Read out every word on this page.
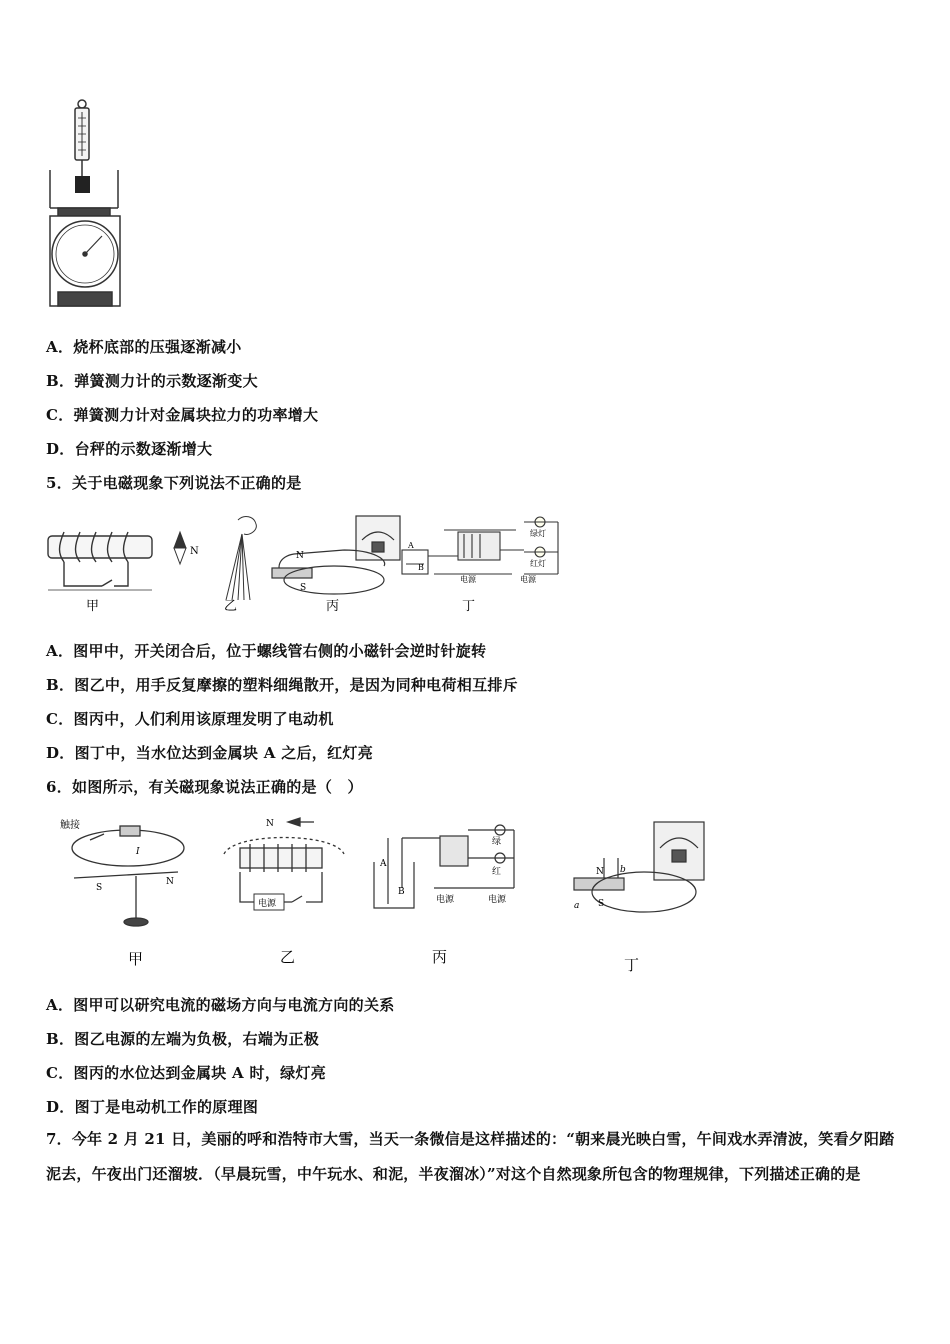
A．烧杯底部的压强逐渐减小
B．弹簧测力计的示数逐渐变大
C．弹簧测力计对金属块拉力的功率增大
D．台秤的示数逐渐增大
5．关于电磁现象下列说法不正确的是
N	N
S
A
B
绿灯
红灯
电源	电源
甲	乙	丙	丁
A．图甲中，开关闭合后，位于螺线管右侧的小磁针会逆时针旋转
B．图乙中，用手反复摩擦的塑料细绳散开，是因为同种电荷相互排斥
C．图丙中，人们利用该原理发明了电动机
D．图丁中，当水位达到金属块 A 之后，红灯亮
6．如图所示，有关磁现象说法正确的是（　）
触接
I
S
N
电源
N
A
B
绿
红
电源	电源
N
S
a
b
甲	乙	丙	丁
A．图甲可以研究电流的磁场方向与电流方向的关系
B．图乙电源的左端为负极，右端为正极
C．图丙的水位达到金属块 A 时，绿灯亮
D．图丁是电动机工作的原理图
7．今年 2 月 21 日，美丽的呼和浩特市大雪，当天一条微信是这样描述的：“朝来晨光映白雪，午间戏水弄清波，笑看夕阳踏泥去，午夜出门还溜坡．（早晨玩雪，中午玩水、和泥，半夜溜冰）”对这个自然现象所包含的物理规律，下列描述正确的是
